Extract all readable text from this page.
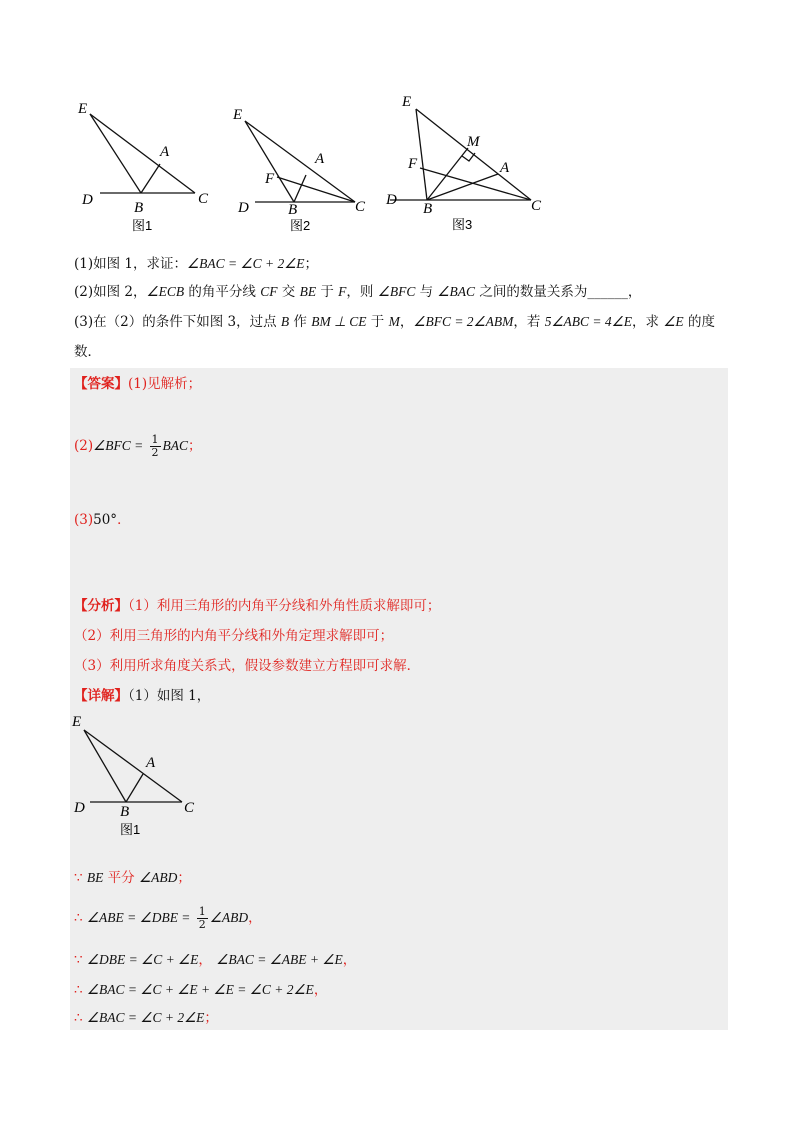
E
A
D	B
C
图1
E
A
F
D	B	C
图2
E
M
F	A
D
B	C
图3
(1)如图 1，求证：∠BAC = ∠C + 2∠E；
(2)如图 2，∠ECB 的角平分线 CF 交 BE 于 F，则 ∠BFC 与 ∠BAC 之间的数量关系为______，
(3)在（2）的条件下如图 3，过点 B 作 BM ⊥ CE 于 M，∠BFC = 2∠ABM，若 5∠ABC = 4∠E，求 ∠E 的度
数．
【答案】(1)见解析；
(2)∠BFC = $\frac{1}{2}$ BAC；
(3)50°．
【分析】（1）利用三角形的内角平分线和外角性质求解即可；
（2）利用三角形的内角平分线和外角定理求解即可；
（3）利用所求角度关系式，假设参数建立方程即可求解．
【详解】（1）如图 1，
∵ BE 平分 ∠ABD；
∴ ∠ABE = ∠DBE = $\frac{1}{2}$ ∠ABD，
∵ ∠DBE = ∠C + ∠E， ∠BAC = ∠ABE + ∠E，
∴ ∠BAC = ∠C + ∠E + ∠E = ∠C + 2∠E，
∴ ∠BAC = ∠C + 2∠E；
E
A
D B	C
图1
